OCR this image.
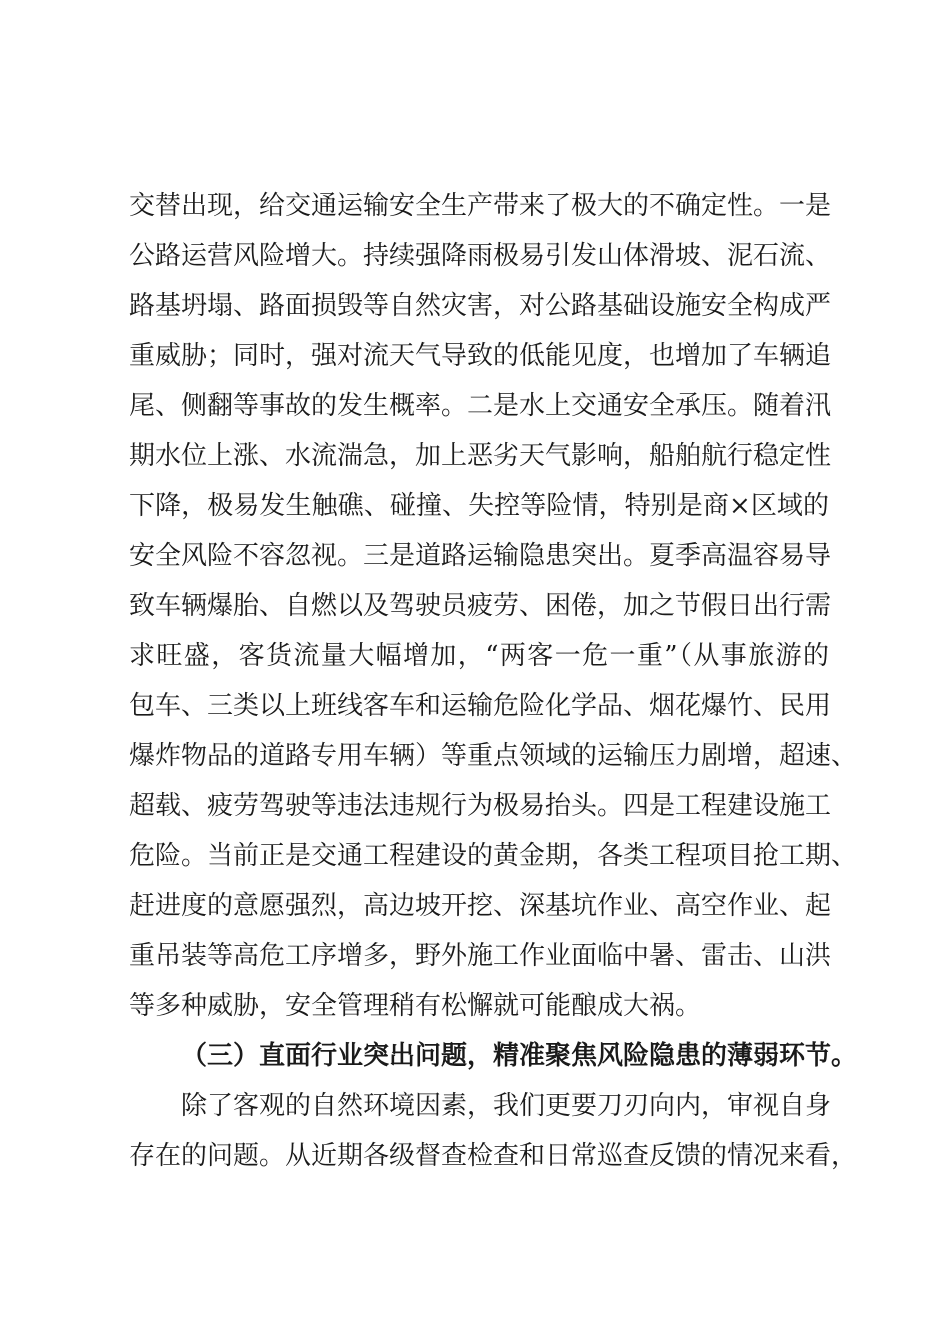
交替出现，给交通运输安全生产带来了极大的不确定性。一是
公路运营风险增大。持续强降雨极易引发山体滑坡、泥石流、
路基坍塌、路面损毁等自然灾害，对公路基础设施安全构成严
重威胁；同时，强对流天气导致的低能见度，也增加了车辆追
尾、侧翻等事故的发生概率。二是水上交通安全承压。随着汛
期水位上涨、水流湍急，加上恶劣天气影响，船舶航行稳定性
下降，极易发生触礁、碰撞、失控等险情，特别是商×区域的
安全风险不容忽视。三是道路运输隐患突出。夏季高温容易导
致车辆爆胎、自燃以及驾驶员疲劳、困倦，加之节假日出行需
求旺盛，客货流量大幅增加，“两客一危一重”（从事旅游的
包车、三类以上班线客车和运输危险化学品、烟花爆竹、民用
爆炸物品的道路专用车辆）等重点领域的运输压力剧增，超速、
超载、疲劳驾驶等违法违规行为极易抬头。四是工程建设施工
危险。当前正是交通工程建设的黄金期，各类工程项目抢工期、
赶进度的意愿强烈，高边坡开挖、深基坑作业、高空作业、起
重吊装等高危工序增多，野外施工作业面临中暑、雷击、山洪
等多种威胁，安全管理稍有松懈就可能酿成大祸。
（三）直面行业突出问题，精准聚焦风险隐患的薄弱环节。
除了客观的自然环境因素，我们更要刀刃向内，审视自身
存在的问题。从近期各级督查检查和日常巡查反馈的情况来看，
